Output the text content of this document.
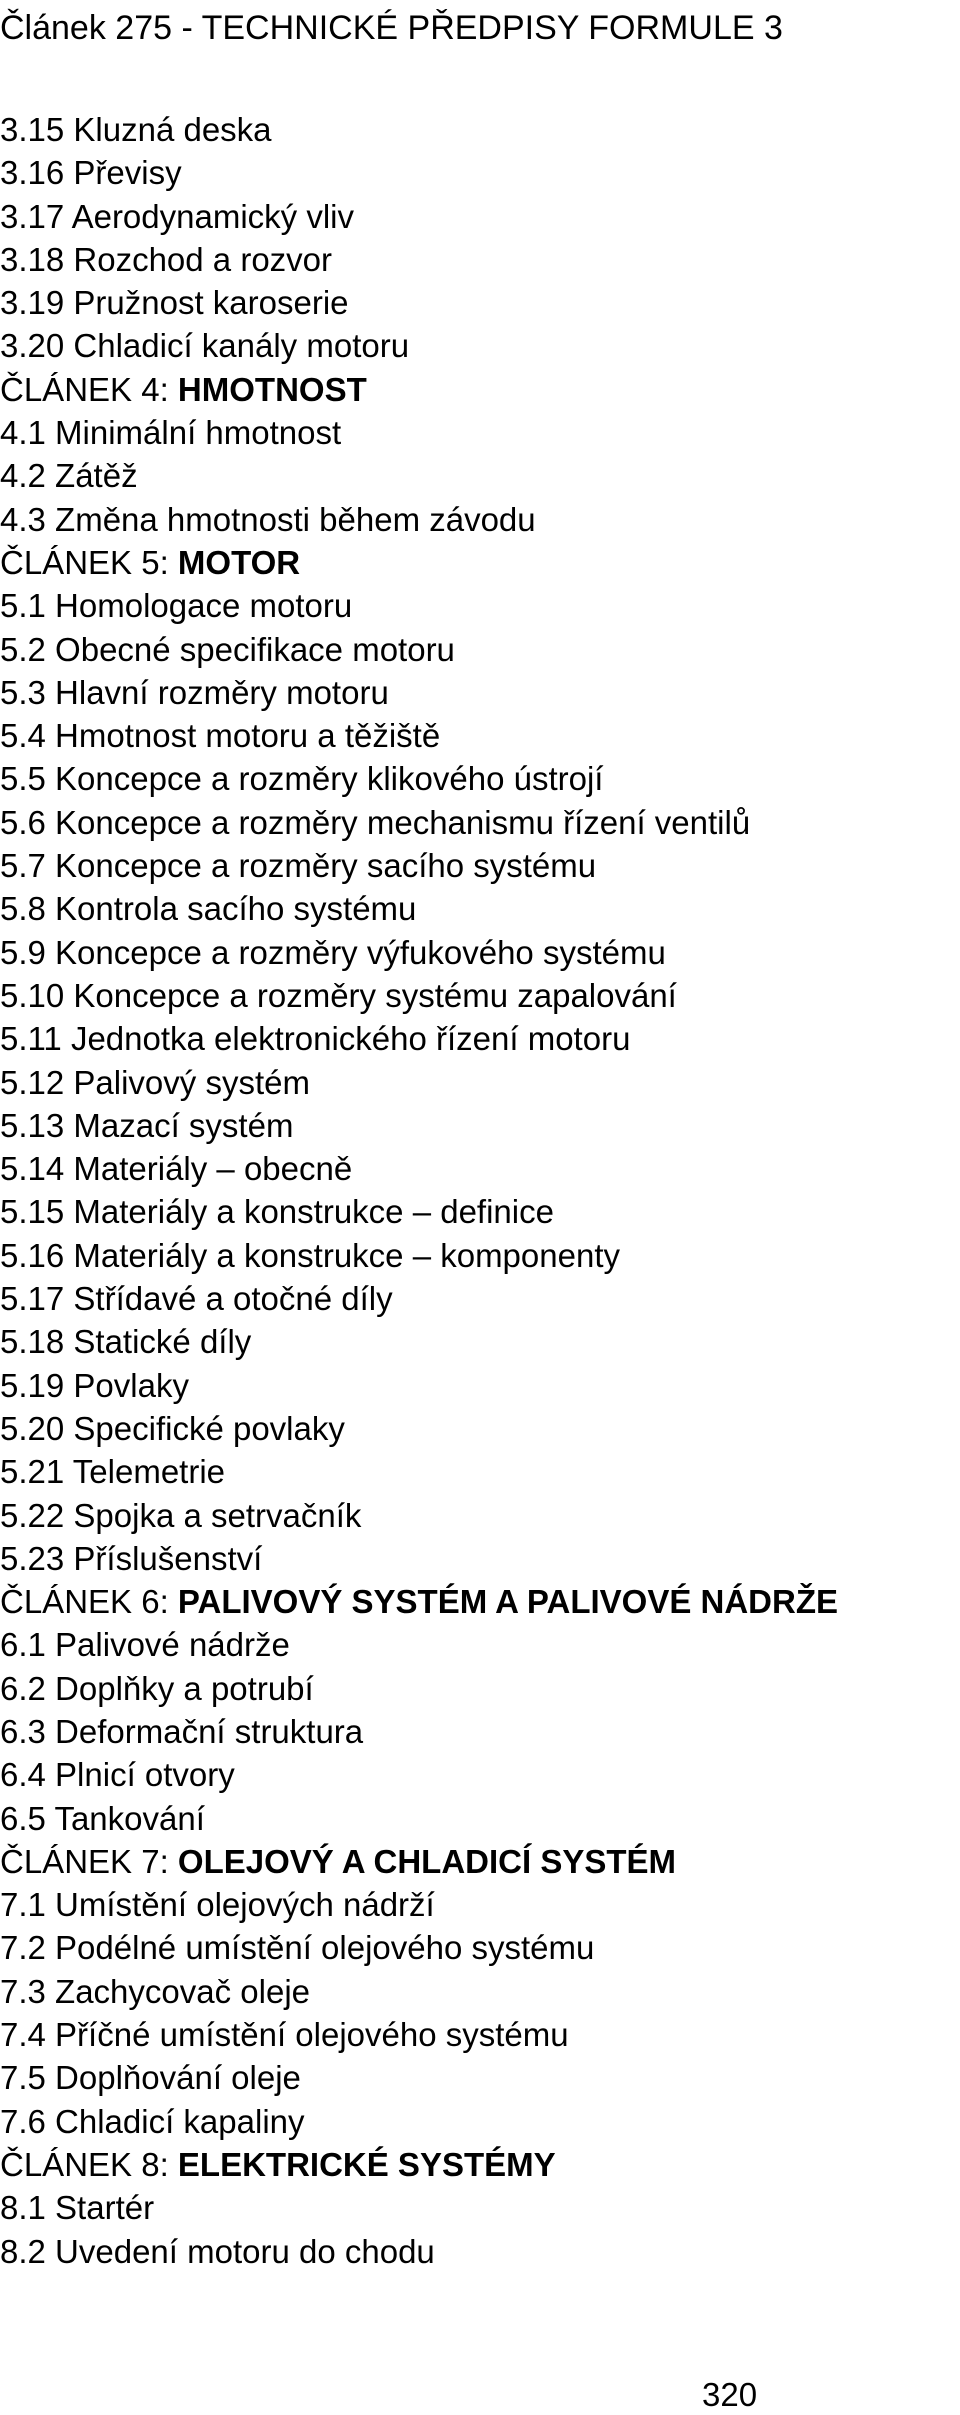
Článek 275 - TECHNICKÉ PŘEDPISY FORMULE 3
3.15 Kluzná deska
3.16 Převisy
3.17 Aerodynamický vliv
3.18 Rozchod a rozvor
3.19 Pružnost karoserie
3.20 Chladicí kanály motoru
ČLÁNEK 4: HMOTNOST
4.1 Minimální hmotnost
4.2 Zátěž
4.3 Změna hmotnosti během závodu
ČLÁNEK 5: MOTOR
5.1 Homologace motoru
5.2 Obecné specifikace motoru
5.3 Hlavní rozměry motoru
5.4 Hmotnost motoru a těžiště
5.5 Koncepce a rozměry klikového ústrojí
5.6 Koncepce a rozměry mechanismu řízení ventilů
5.7 Koncepce a rozměry sacího systému
5.8 Kontrola sacího systému
5.9 Koncepce a rozměry výfukového systému
5.10 Koncepce a rozměry systému zapalování
5.11 Jednotka elektronického řízení motoru
5.12 Palivový systém
5.13 Mazací systém
5.14 Materiály – obecně
5.15 Materiály a konstrukce – definice
5.16 Materiály a konstrukce – komponenty
5.17 Střídavé a otočné díly
5.18 Statické díly
5.19 Povlaky
5.20 Specifické povlaky
5.21 Telemetrie
5.22 Spojka a setrvačník
5.23 Příslušenství
ČLÁNEK 6: PALIVOVÝ SYSTÉM A PALIVOVÉ NÁDRŽE
6.1 Palivové nádrže
6.2 Doplňky a potrubí
6.3 Deformační struktura
6.4 Plnicí otvory
6.5 Tankování
ČLÁNEK 7: OLEJOVÝ A CHLADICÍ SYSTÉM
7.1 Umístění olejových nádrží
7.2 Podélné umístění olejového systému
7.3 Zachycovač oleje
7.4 Příčné umístění olejového systému
7.5 Doplňování oleje
7.6 Chladicí kapaliny
ČLÁNEK 8: ELEKTRICKÉ SYSTÉMY
8.1 Startér
8.2 Uvedení motoru do chodu
320
